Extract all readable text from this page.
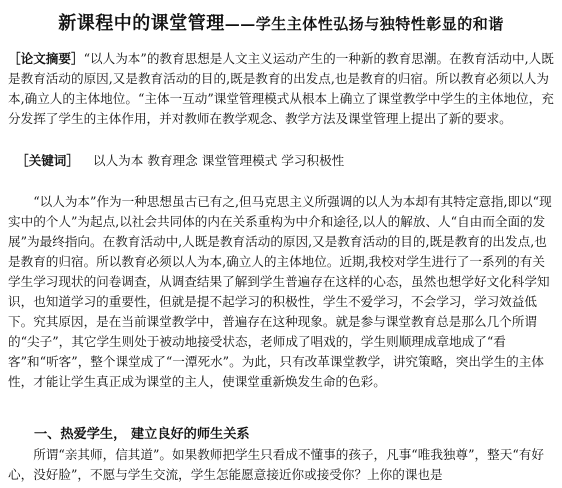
新课程中的课堂管理——学生主体性弘扬与独特性彰显的和谐
［论文摘要］“以人为本”的教育思想是人文主义运动产生的一种新的教育思潮。在教育活动中,人既是教育活动的原因,又是教育活动的目的,既是教育的出发点,也是教育的归宿。所以教育必须以人为本,确立人的主体地位。“主体一互动”课堂管理模式从根本上确立了课堂教学中学生的主体地位，充分发挥了学生的主体作用，并对教师在教学观念、教学方法及课堂管理上提出了新的要求。
［关键词］ 以人为本 教育理念 课堂管理模式 学习积极性
“以人为本”作为一种思想虽古已有之,但马克思主义所强调的以人为本却有其特定意指,即以“现实中的个人”为起点,以社会共同体的内在关系重构为中介和途径,以人的解放、人“自由而全面的发展”为最终指向。在教育活动中,人既是教育活动的原因,又是教育活动的目的,既是教育的出发点,也是教育的归宿。所以教育必须以人为本,确立人的主体地位。近期,我校对学生进行了一系列的有关学生学习现状的问卷调查，从调查结果了解到学生普遍存在这样的心态，虽然也想学好文化科学知识，也知道学习的重要性，但就是提不起学习的积极性，学生不爱学习，不会学习，学习效益低下。究其原因，是在当前课堂教学中，普遍存在这种现象。就是参与课堂教育总是那么几个所谓的“尖子”，其它学生则处于被动地接受状态，老师成了唱戏的，学生则顺理成章地成了“看客”和“听客”，整个课堂成了“一潭死水”。为此，只有改革课堂教学，讲究策略，突出学生的主体性，才能让学生真正成为课堂的主人，使课堂重新焕发生命的色彩。
一、热爱学生， 建立良好的师生关系
所谓“亲其师，信其道”。如果教师把学生只看成不懂事的孩子，凡事“唯我独尊”，整天“有好心，没好脸”，不愿与学生交流，学生怎能愿意接近你或接受你？上你的课也是
